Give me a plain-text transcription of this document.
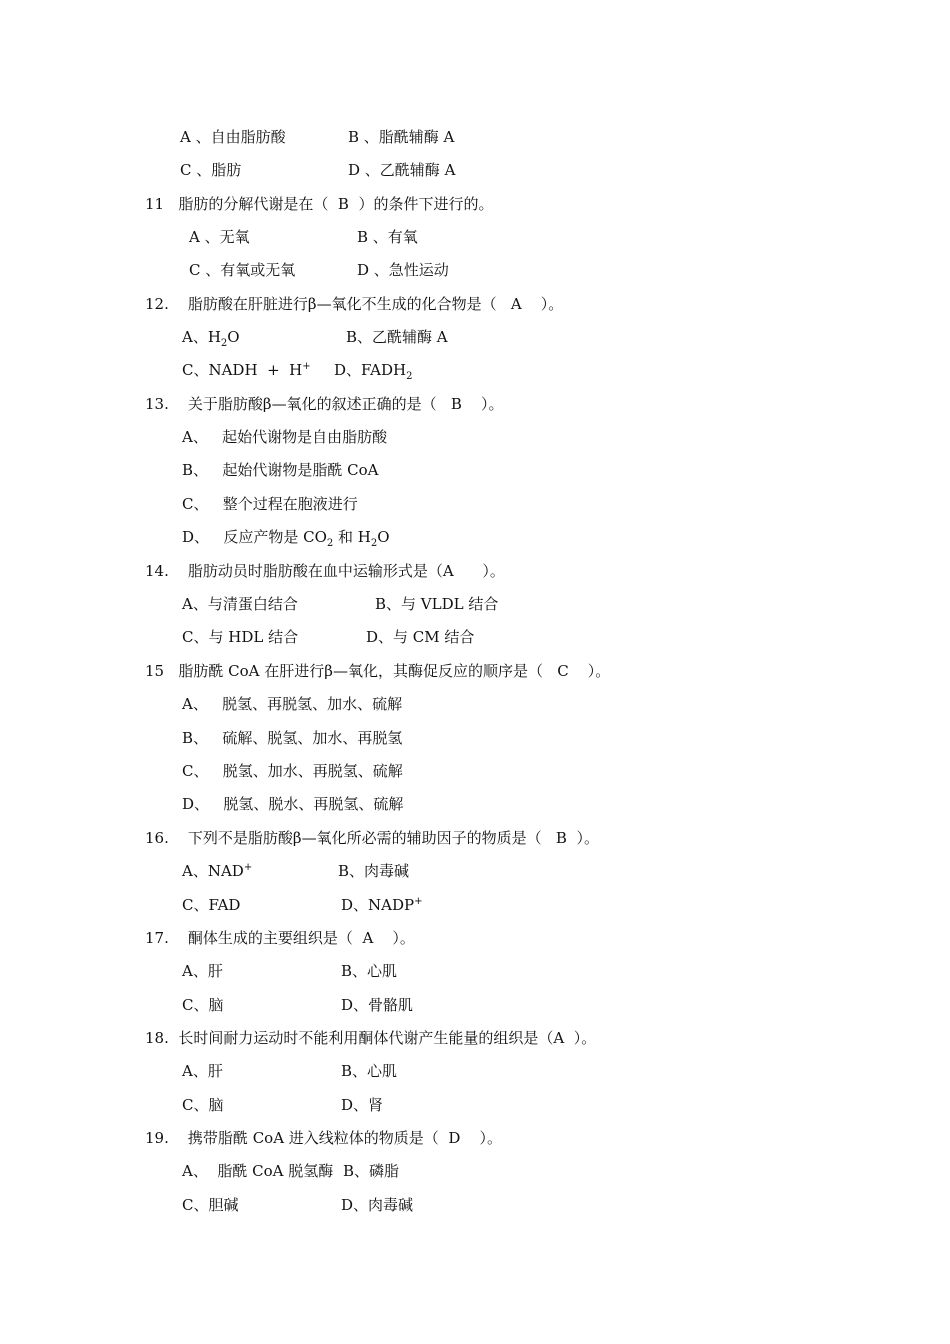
A 、自由脂肪酸	B 、脂酰辅酶 A
C 、脂肪	D 、乙酰辅酶 A
11   脂肪的分解代谢是在（  B  ）的条件下进行的。
A 、无氧	B 、有氧
C 、有氧或无氧	D 、急性运动
12.    脂肪酸在肝脏进行β—氧化不生成的化合物是（   A    ）。
A、$H_2O$	B、乙酰辅酶 A
C、NADH  +  H+ D、$FADH_2$
13.    关于脂肪酸β—氧化的叙述正确的是（   B    ）。
A、   起始代谢物是自由脂肪酸
B、   起始代谢物是脂酰 CoA
C、   整个过程在胞液进行
D、   反应产物是 $CO_2$ 和 $H_2O$
14.    脂肪动员时脂肪酸在血中运输形式是（A      ）。
A、与清蛋白结合	B、与 VLDL 结合
C、与 HDL 结合	D、与 CM 结合
15   脂肪酰 CoA 在肝进行β—氧化，其酶促反应的顺序是（   C    ）。
A、   脱氢、再脱氢、加水、硫解
B、   硫解、脱氢、加水、再脱氢
C、   脱氢、加水、再脱氢、硫解
D、   脱氢、脱水、再脱氢、硫解
16.    下列不是脂肪酸β—氧化所必需的辅助因子的物质是（   B  ）。
A、NAD+	B、肉毒碱
C、FAD	D、NADP+
17.    酮体生成的主要组织是（  A    ）。
A、肝	B、心肌
C、脑	D、骨骼肌
18.  长时间耐力运动时不能利用酮体代谢产生能量的组织是（A  ）。
A、肝	B、心肌
C、脑	D、肾
19.    携带脂酰 CoA 进入线粒体的物质是（  D    ）。
A、  脂酰 CoA 脱氢酶 B、磷脂
C、胆碱	D、肉毒碱
